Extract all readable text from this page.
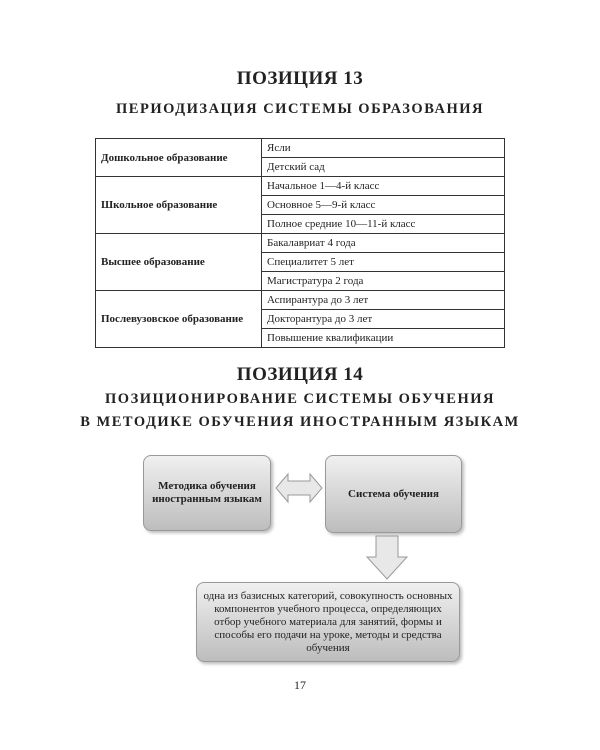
ПОЗИЦИЯ 13
ПЕРИОДИЗАЦИЯ СИСТЕМЫ ОБРАЗОВАНИЯ
Дошкольное образование	Ясли
	Детский сад
Школьное образование	Начальное 1—4-й класс
	Основное 5—9-й класс
	Полное средние 10—11-й класс
Высшее образование	Бакалавриат 4 года
	Специалитет 5 лет
	Магистратура 2 года
Послевузовское образование	Аспирантура до 3 лет
	Докторантура до 3 лет
	Повышение квалификации
ПОЗИЦИЯ 14
ПОЗИЦИОНИРОВАНИЕ СИСТЕМЫ ОБУЧЕНИЯ
В МЕТОДИКЕ ОБУЧЕНИЯ ИНОСТРАННЫМ ЯЗЫКАМ
Методика обучения иностранным языкам	Система обучения
одна из базисных категорий, совокупность основных компонентов учебного процесса, определяющих отбор учебного материала для занятий, формы и способы его подачи на уроке, методы и средства обучения
17
